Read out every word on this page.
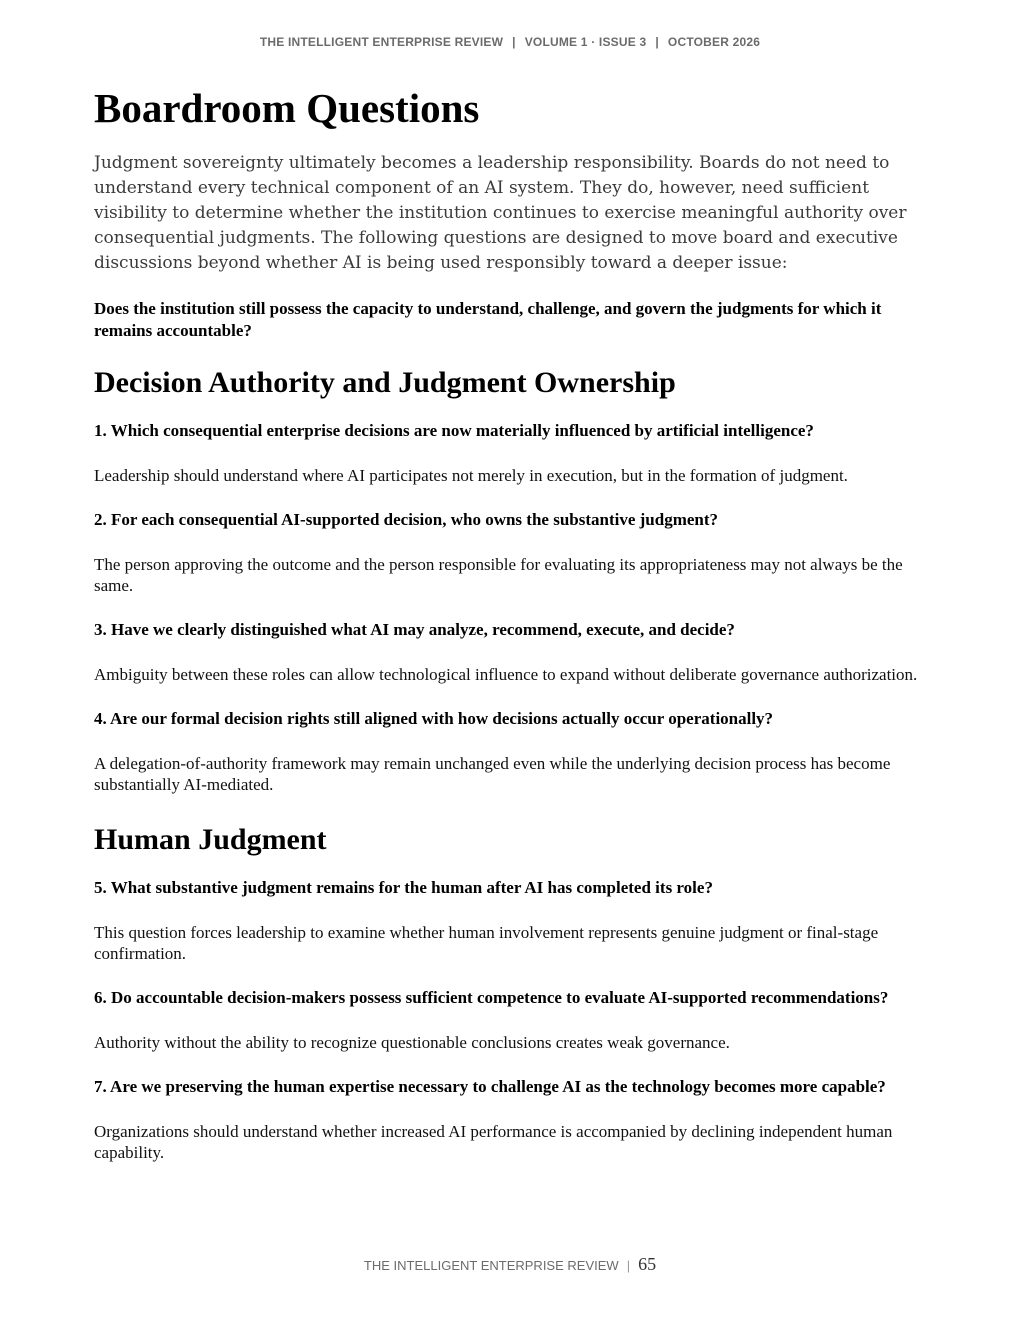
THE INTELLIGENT ENTERPRISE REVIEW | VOLUME 1 · ISSUE 3 | OCTOBER 2026
Boardroom Questions

Judgment sovereignty ultimately becomes a leadership responsibility. Boards do not need to understand every technical component of an AI system. They do, however, need sufficient visibility to determine whether the institution continues to exercise meaningful authority over consequential judgments. The following questions are designed to move board and executive discussions beyond whether AI is being used responsibly toward a deeper issue:

Does the institution still possess the capacity to understand, challenge, and govern the judgments for which it remains accountable?

Decision Authority and Judgment Ownership

1. Which consequential enterprise decisions are now materially influenced by artificial intelligence?

Leadership should understand where AI participates not merely in execution, but in the formation of judgment.

2. For each consequential AI-supported decision, who owns the substantive judgment?

The person approving the outcome and the person responsible for evaluating its appropriateness may not always be the same.

3. Have we clearly distinguished what AI may analyze, recommend, execute, and decide?

Ambiguity between these roles can allow technological influence to expand without deliberate governance authorization.

4. Are our formal decision rights still aligned with how decisions actually occur operationally?

A delegation-of-authority framework may remain unchanged even while the underlying decision process has become substantially AI-mediated.

Human Judgment

5. What substantive judgment remains for the human after AI has completed its role?

This question forces leadership to examine whether human involvement represents genuine judgment or final-stage confirmation.

6. Do accountable decision-makers possess sufficient competence to evaluate AI-supported recommendations?

Authority without the ability to recognize questionable conclusions creates weak governance.

7. Are we preserving the human expertise necessary to challenge AI as the technology becomes more capable?

Organizations should understand whether increased AI performance is accompanied by declining independent human capability.

THE INTELLIGENT ENTERPRISE REVIEW | 65
